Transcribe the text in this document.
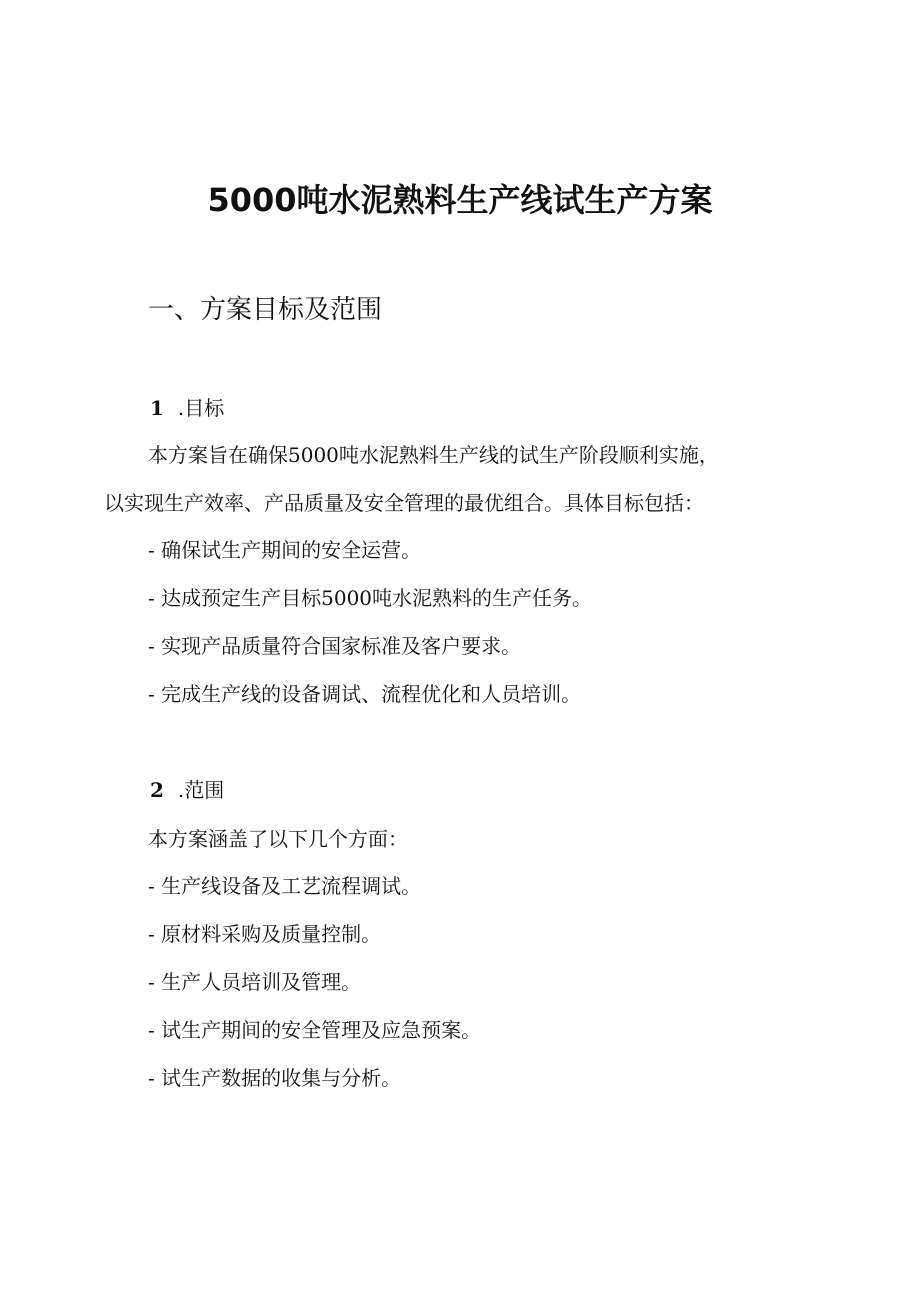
5000吨水泥熟料生产线试生产方案
一、方案目标及范围
1 .目标
本方案旨在确保5000吨水泥熟料生产线的试生产阶段顺利实施，
以实现生产效率、产品质量及安全管理的最优组合。具体目标包括：
- 确保试生产期间的安全运营。
- 达成预定生产目标5000吨水泥熟料的生产任务。
- 实现产品质量符合国家标准及客户要求。
- 完成生产线的设备调试、流程优化和人员培训。
2 .范围
本方案涵盖了以下几个方面：
- 生产线设备及工艺流程调试。
- 原材料采购及质量控制。
- 生产人员培训及管理。
- 试生产期间的安全管理及应急预案。
- 试生产数据的收集与分析。
